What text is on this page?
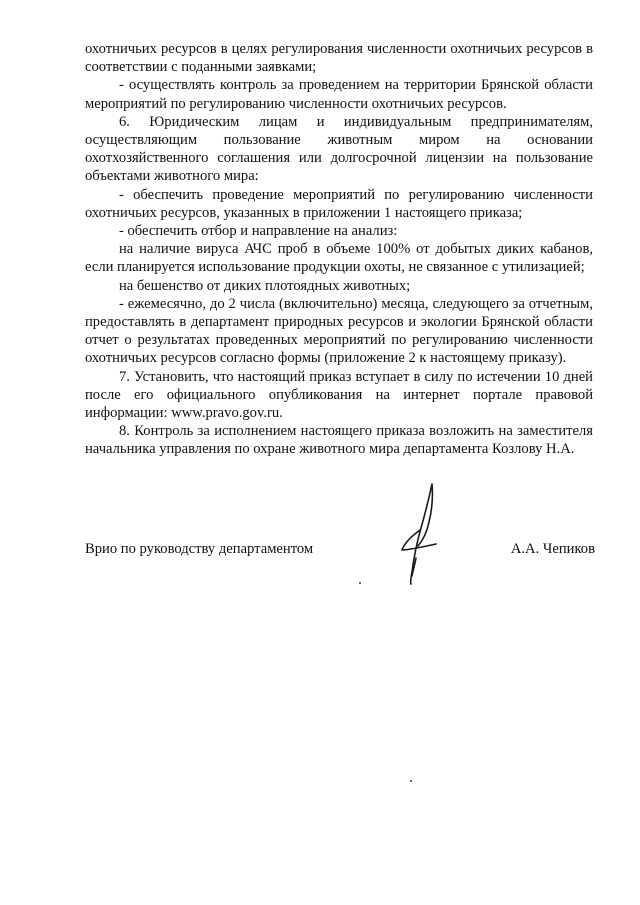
охотничьих ресурсов в целях регулирования численности охотничьих ресурсов в соответствии с поданными заявками;

- осуществлять контроль за проведением на территории Брянской области мероприятий по регулированию численности охотничьих ресурсов.

6. Юридическим лицам и индивидуальным предпринимателям, осуществляющим пользование животным миром на основании охотхозяйственного соглашения или долгосрочной лицензии на пользование объектами животного мира:

- обеспечить проведение мероприятий по регулированию численности охотничьих ресурсов, указанных в приложении 1 настоящего приказа;

- обеспечить отбор и направление на анализ:

на наличие вируса АЧС проб в объеме 100% от добытых диких кабанов, если планируется использование продукции охоты, не связанное с утилизацией;

на бешенство от диких плотоядных животных;

- ежемесячно, до 2 числа (включительно) месяца, следующего за отчетным, предоставлять в департамент природных ресурсов и экологии Брянской области отчет о результатах проведенных мероприятий по регулированию численности охотничьих ресурсов согласно формы (приложение 2 к настоящему приказу).

7. Установить, что настоящий приказ вступает в силу по истечении 10 дней после его официального опубликования на интернет портале правовой информации: www.pravo.gov.ru.

8. Контроль за исполнением настоящего приказа возложить на заместителя начальника управления по охране животного мира департамента Козлову Н.А.

Врио по руководству департаментом	А.А. Чепиков
